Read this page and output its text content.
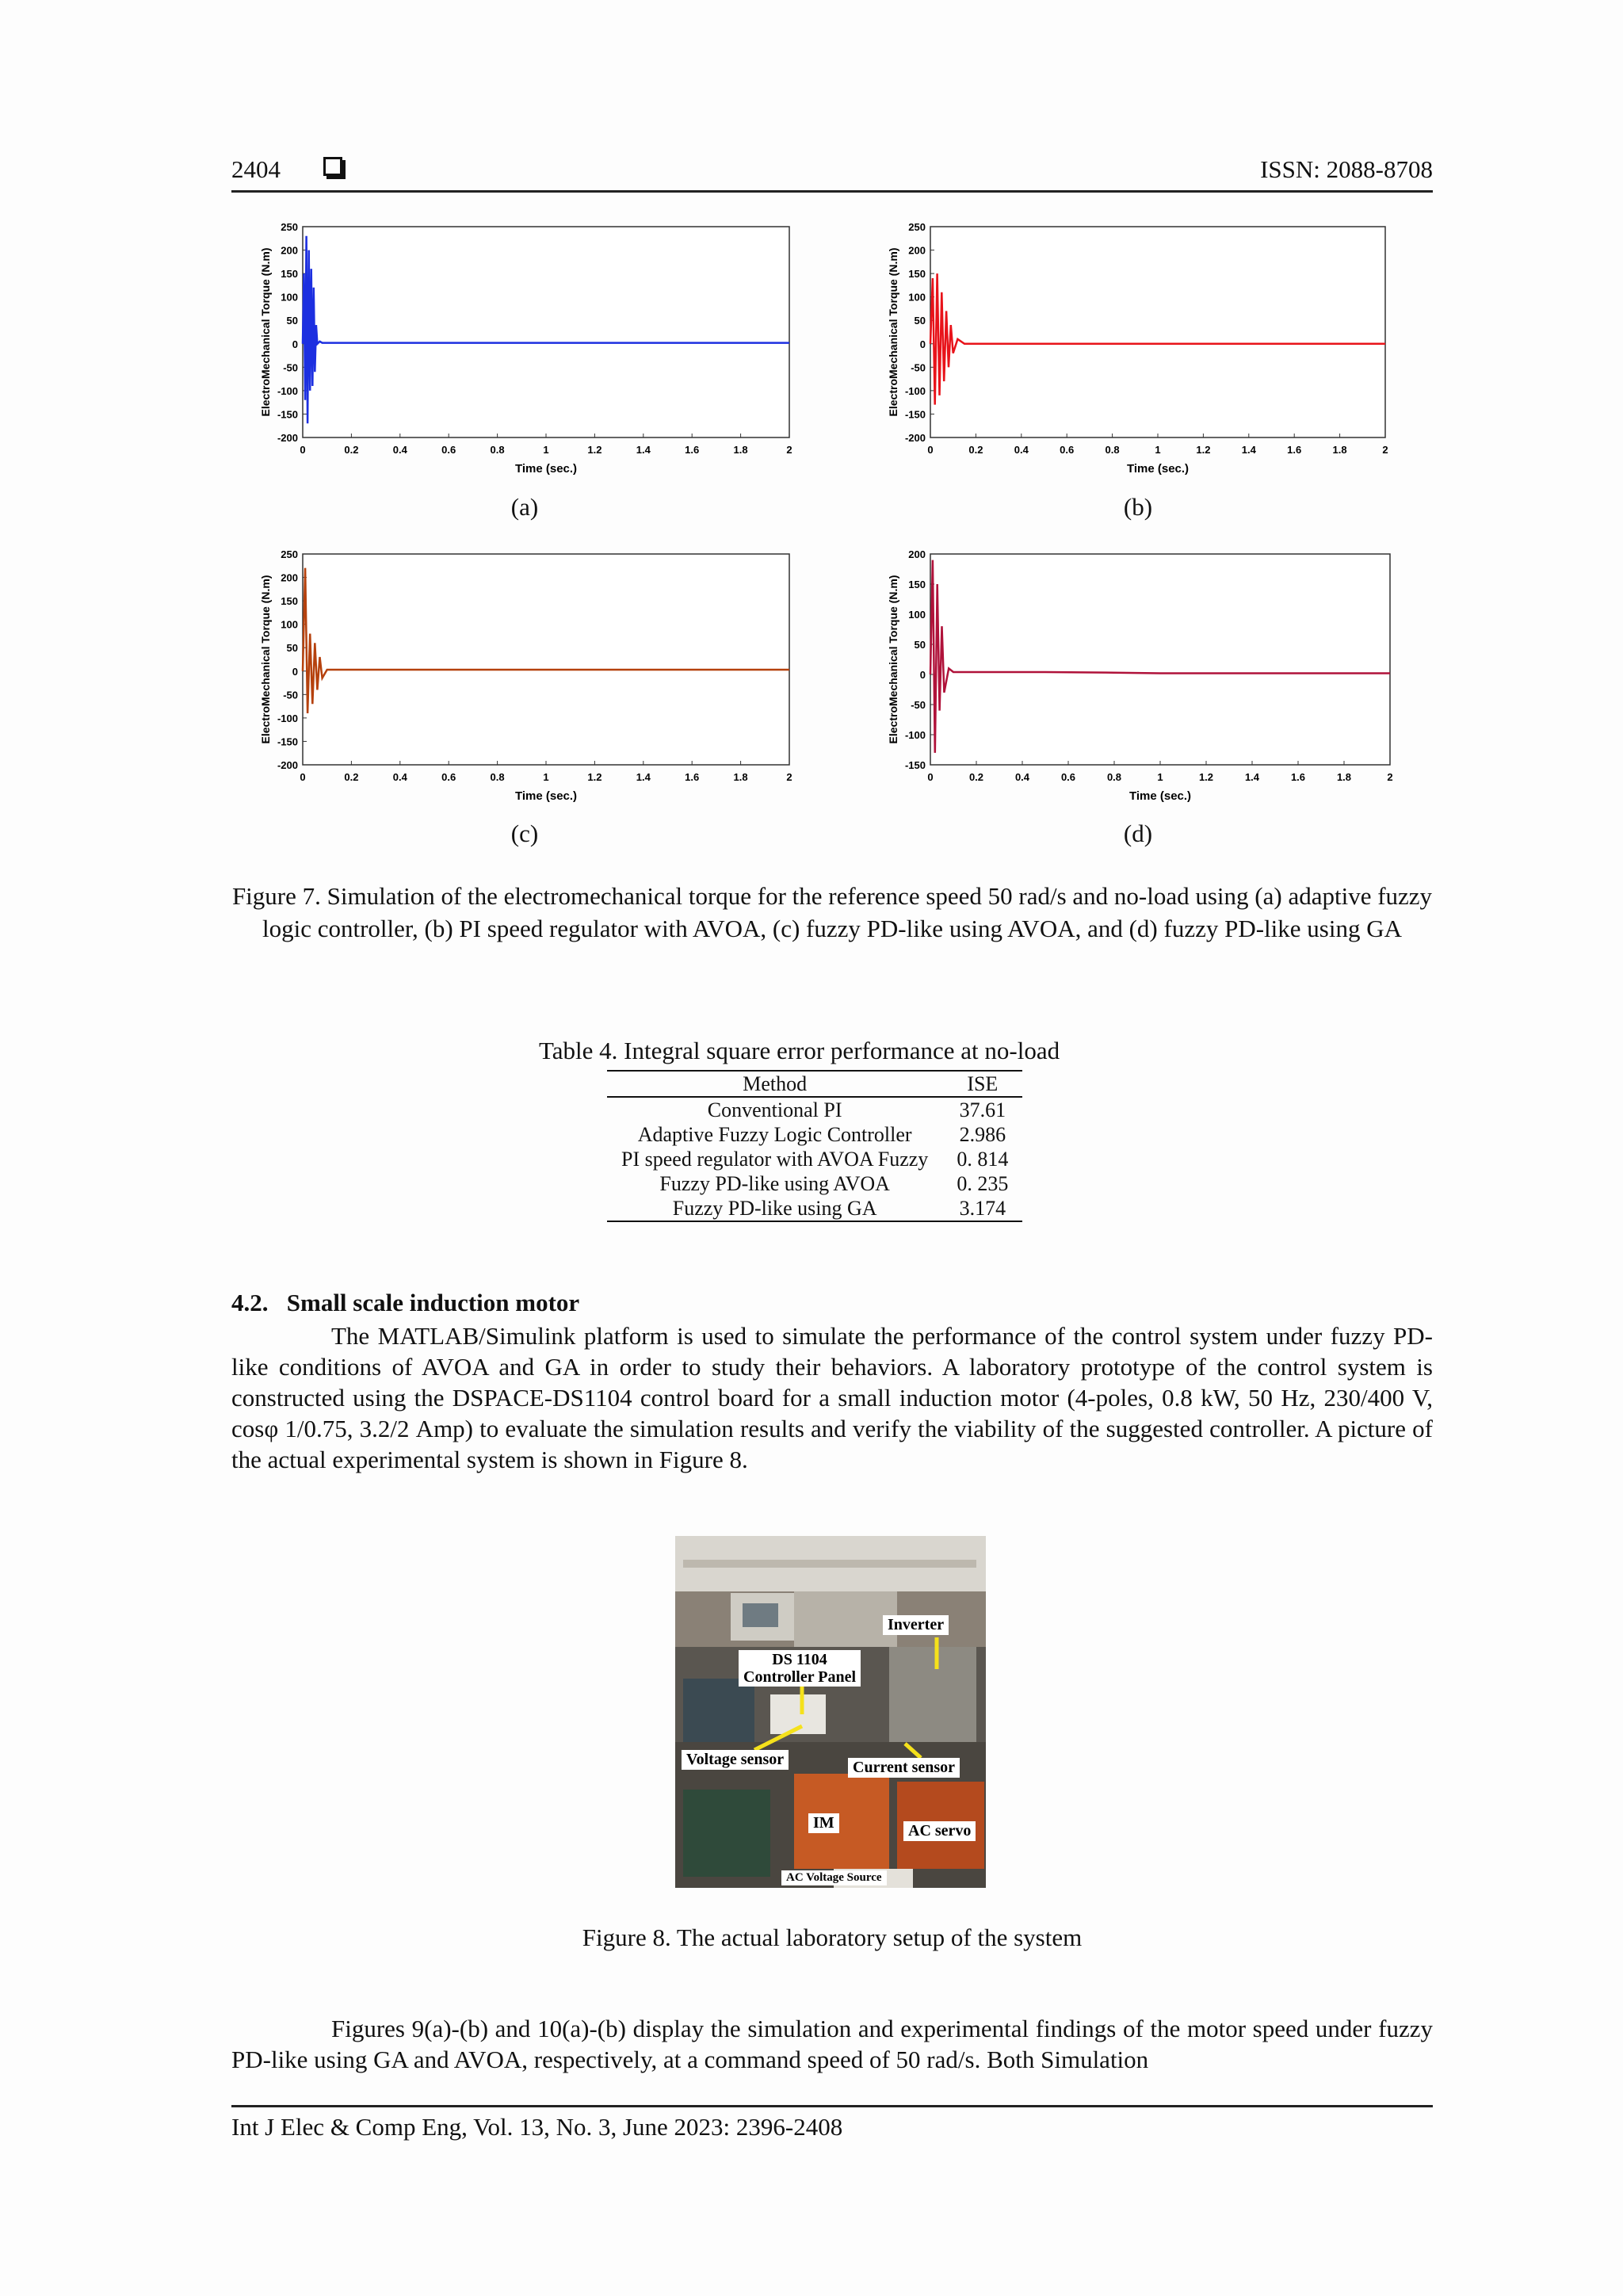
2404	ISSN: 2088-8708
0	0.2	0.4	0.6	0.8	1	1.2	1.4	1.6	1.8	2
250
200
150
100
50
0
-50
-100
-150
-200
Time (sec.)
ElectroMechanical Torque (N.m)
0	0.2	0.4	0.6	0.8	1	1.2	1.4	1.6	1.8	2
250
200
150
100
50
0
-50
-100
-150
-200
Time (sec.)
ElectroMechanical Torque (N.m)
0	0.2	0.4	0.6	0.8	1	1.2	1.4	1.6	1.8	2
250
200
150
100
50
0
-50
-100
-150
-200
Time (sec.)
ElectroMechanical Torque (N.m)
0	0.2	0.4	0.6	0.8	1	1.2	1.4	1.6	1.8	2
200
150
100
50
0
-50
-100
-150
Time (sec.)
ElectroMechanical Torque (N.m)
(a)	(b)
(c)	(d)
Figure 7. Simulation of the electromechanical torque for the reference speed 50 rad/s and no-load using (a) adaptive fuzzy logic controller, (b) PI speed regulator with AVOA, (c) fuzzy PD-like using AVOA, and (d) fuzzy PD-like using GA
Table 4. Integral square error performance at no-load
Method	ISE
Conventional PI	37.61
Adaptive Fuzzy Logic Controller	2.986
PI speed regulator with AVOA Fuzzy	0. 814
Fuzzy PD-like using AVOA	0. 235
Fuzzy PD-like using GA	3.174
4.2.   Small scale induction motor
The MATLAB/Simulink platform is used to simulate the performance of the control system under fuzzy PD-like conditions of AVOA and GA in order to study their behaviors. A laboratory prototype of the control system is constructed using the DSPACE-DS1104 control board for a small induction motor (4-poles, 0.8 kW, 50 Hz, 230/400 V, cosφ 1/0.75, 3.2/2 Amp) to evaluate the simulation results and verify the viability of the suggested controller. A picture of the actual experimental system is shown in Figure 8.
Inverter
DS 1104
Controller Panel
Voltage sensor	Current sensor
IM	AC servo
AC Voltage Source
Figure 8. The actual laboratory setup of the system
Figures 9(a)-(b) and 10(a)-(b) display the simulation and experimental findings of the motor speed under fuzzy PD-like using GA and AVOA, respectively, at a command speed of 50 rad/s. Both Simulation
Int J Elec & Comp Eng, Vol. 13, No. 3, June 2023: 2396-2408
